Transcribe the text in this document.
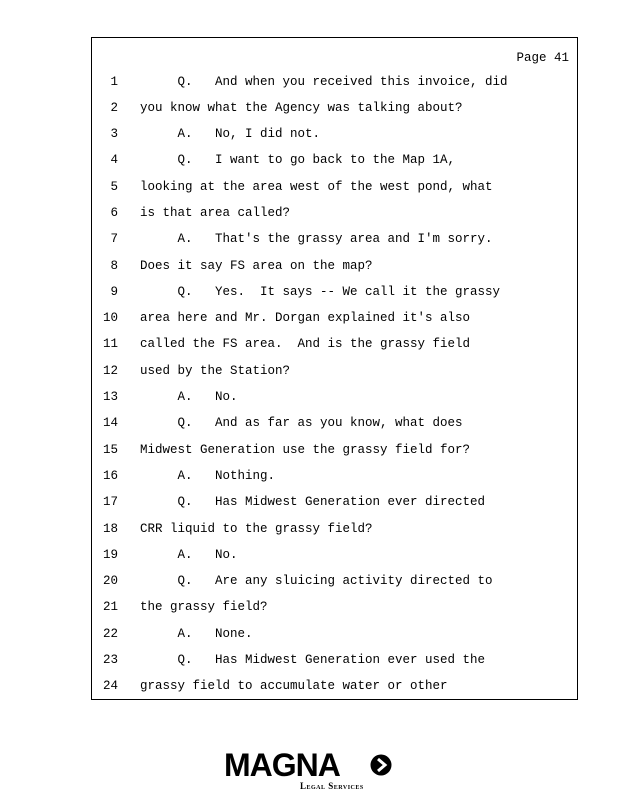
Page 41
1 Q.   And when you received this invoice, did
2 you know what the Agency was talking about?
3 A.   No, I did not.
4 Q.   I want to go back to the Map 1A,
5 looking at the area west of the west pond, what
6 is that area called?
7 A.   That's the grassy area and I'm sorry.
8 Does it say FS area on the map?
9 Q.   Yes.  It says -- We call it the grassy
10 area here and Mr. Dorgan explained it's also
11 called the FS area.  And is the grassy field
12 used by the Station?
13 A.   No.
14 Q.   And as far as you know, what does
15 Midwest Generation use the grassy field for?
16 A.   Nothing.
17 Q.   Has Midwest Generation ever directed
18 CRR liquid to the grassy field?
19 A.   No.
20 Q.   Are any sluicing activity directed to
21 the grassy field?
22 A.   None.
23 Q.   Has Midwest Generation ever used the
24 grassy field to accumulate water or other
MAGNA
Legal Services
